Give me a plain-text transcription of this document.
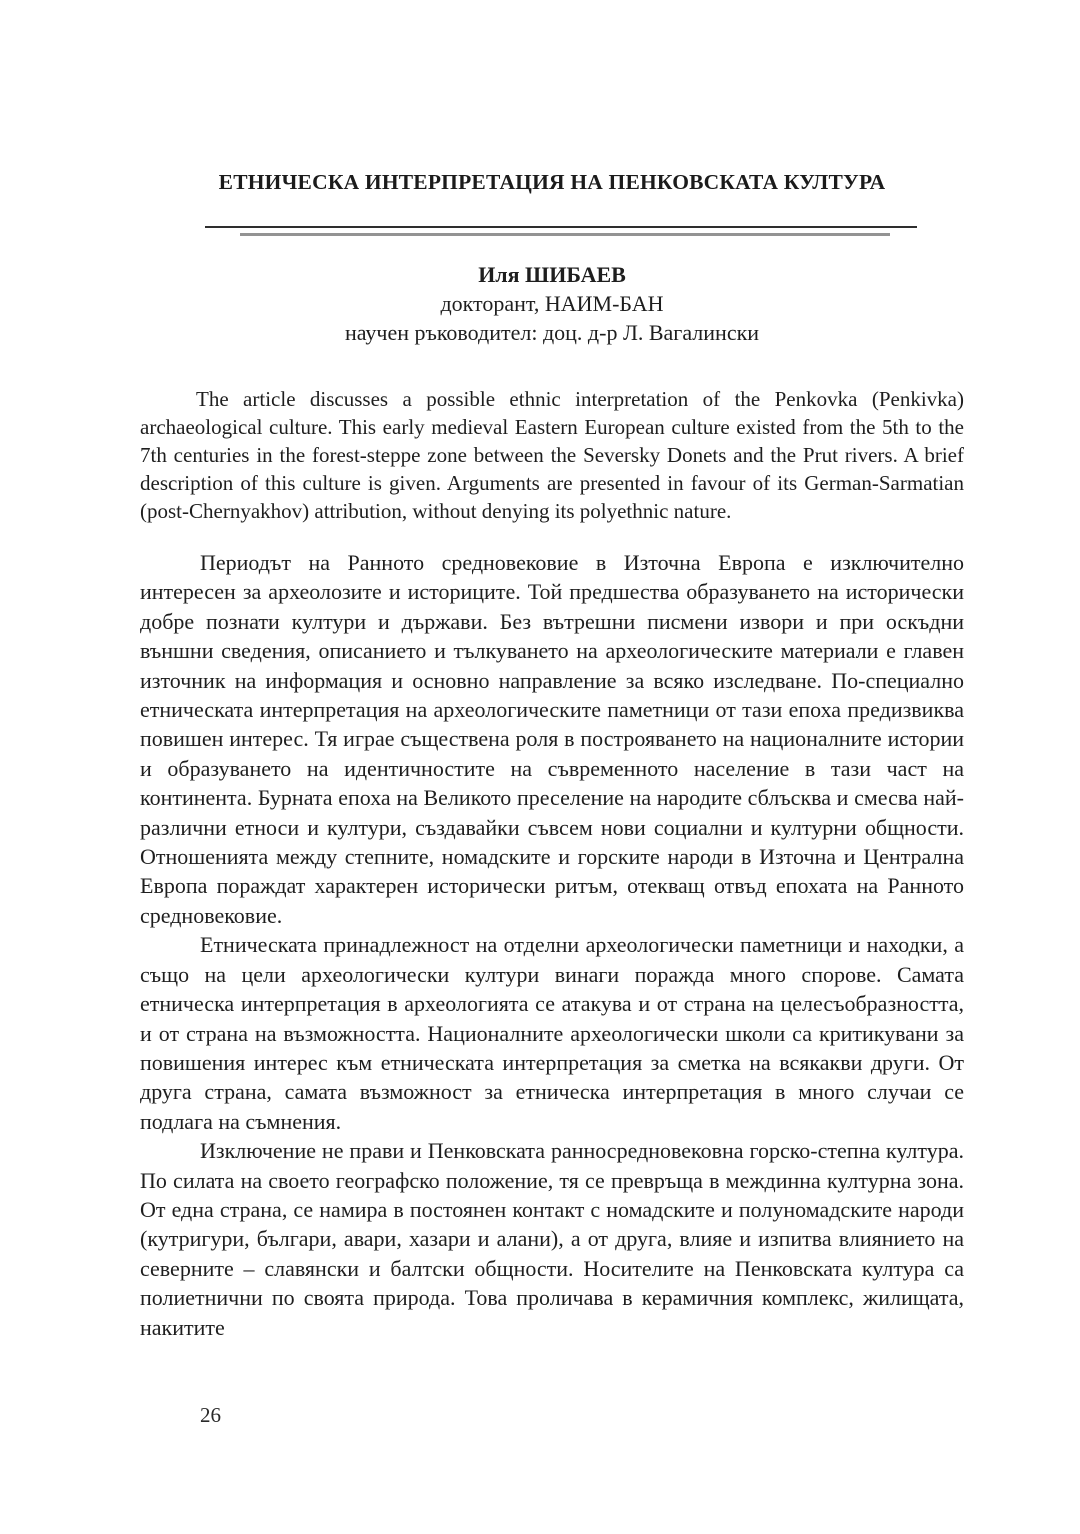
ЕТНИЧЕСКА ИНТЕРПРЕТАЦИЯ НА ПЕНКОВСКАТА КУЛТУРА
Иля ШИБАЕВ
докторант, НАИМ-БАН
научен ръководител: доц. д-р Л. Вагалински

The article discusses a possible ethnic interpretation of the Penkovka (Penkivka) archaeological culture. This early medieval Eastern European culture existed from the 5th to the 7th centuries in the forest-steppe zone between the Seversky Donets and the Prut rivers. A brief description of this culture is given. Arguments are presented in favour of its German-Sarmatian (post-Chernyakhov) attribution, without denying its polyethnic nature.

Периодът на Ранното средновековие в Източна Европа е изключително интересен за археолозите и историците. Той предшества образуването на исторически добре познати култури и държави. Без вътрешни писмени извори и при оскъдни външни сведения, описанието и тълкуването на археологическите материали е главен източник на информация и основно направление за всяко изследване. По-специално етническата интерпретация на археологическите паметници от тази епоха предизвиква повишен интерес. Тя играе съществена роля в построяването на националните истории и образуването на идентичностите на съвременното население в тази част на континента. Бурната епоха на Великото преселение на народите сблъсква и смесва най-различни етноси и култури, създавайки съвсем нови социални и културни общности. Отношенията между степните, номадските и горските народи в Източна и Централна Европа пораждат характерен исторически ритъм, отекващ отвъд епохата на Ранното средновековие.

Етническата принадлежност на отделни археологически паметници и находки, а също на цели археологически култури винаги поражда много спорове. Самата етническа интерпретация в археологията се атакува и от страна на целесъобразността, и от страна на възможността. Националните археологически школи са критикувани за повишения интерес към етническата интерпретация за сметка на всякакви други. От друга страна, самата възможност за етническа интерпретация в много случаи се подлага на съмнения.

Изключение не прави и Пенковската ранносредновековна горско-степна култура. По силата на своето географско положение, тя се превръща в междинна културна зона. От една страна, се намира в постоянен контакт с номадските и полуномадските народи (кутригури, българи, авари, хазари и алани), а от друга, влияе и изпитва влиянието на северните – славянски и балтски общности. Носителите на Пенковската култура са полиетнични по своята природа. Това проличава в керамичния комплекс, жилищата, накитите

26
